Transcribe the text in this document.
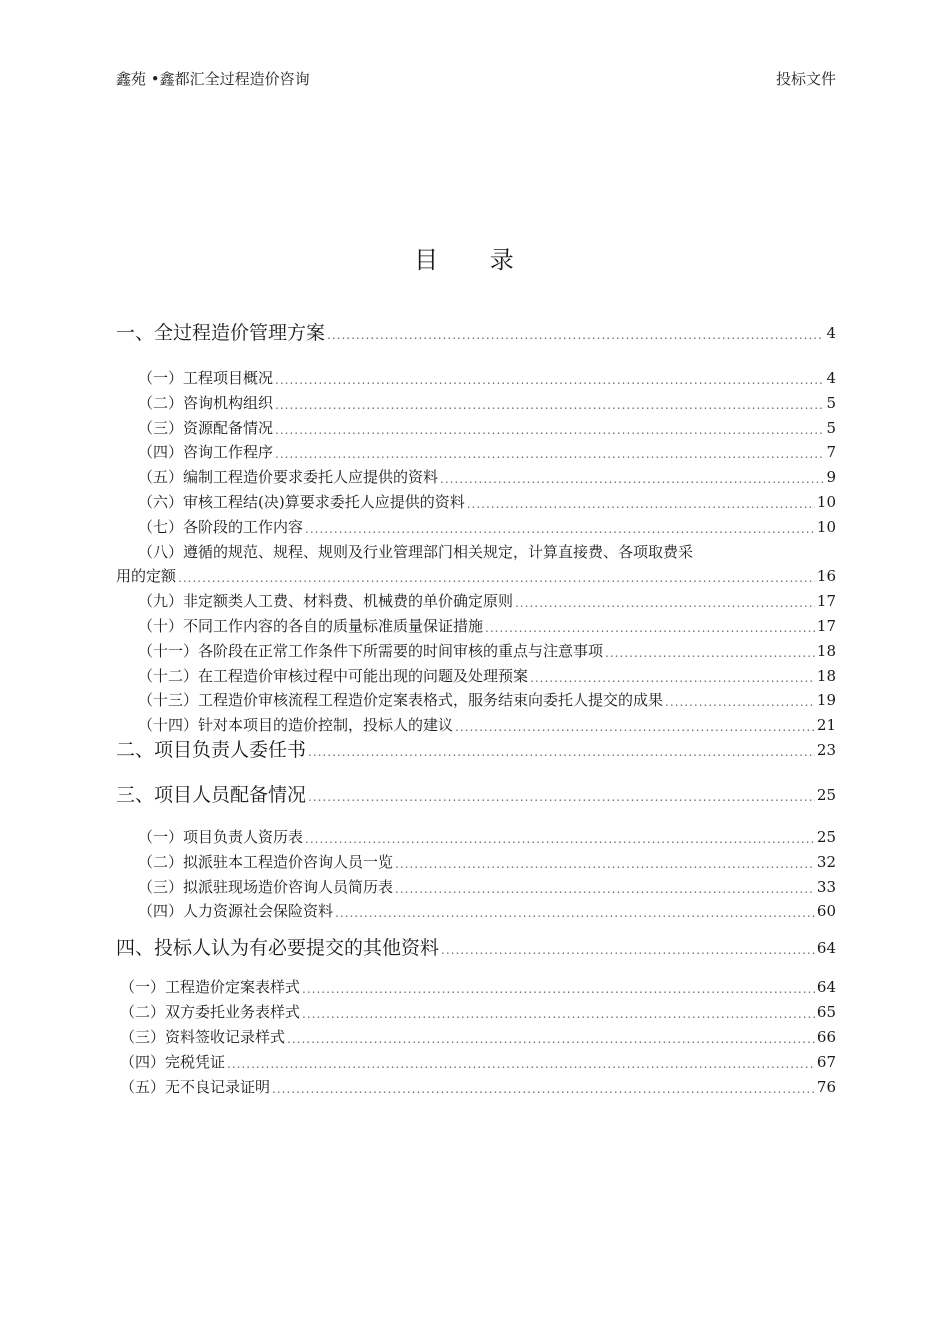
鑫苑 •鑫都汇全过程造价咨询	投标文件
目 录
一、全过程造价管理方案 .....	4
（一）工程项目概况 .....	4
（二）咨询机构组织 .....	5
（三）资源配备情况 .....	5
（四）咨询工作程序 .....	7
（五）编制工程造价要求委托人应提供的资料 .....	9
（六）审核工程结(决)算要求委托人应提供的资料 .....	10
（七）各阶段的工作内容 .....	10
（八）遵循的规范、规程、规则及行业管理部门相关规定，计算直接费、各项取费采
用的定额 .....	16
（九）非定额类人工费、材料费、机械费的单价确定原则 .....	17
（十）不同工作内容的各自的质量标准质量保证措施 .....	17
（十一）各阶段在正常工作条件下所需要的时间审核的重点与注意事项 .....	18
（十二）在工程造价审核过程中可能出现的问题及处理预案 .....	18
（十三）工程造价审核流程工程造价定案表格式，服务结束向委托人提交的成果 .....	19
（十四）针对本项目的造价控制，投标人的建议 .....	21
二、项目负责人委任书 .....	23
三、项目人员配备情况 .....	25
（一）项目负责人资历表 .....	25
（二）拟派驻本工程造价咨询人员一览 .....	32
（三）拟派驻现场造价咨询人员简历表 .....	33
（四）人力资源社会保险资料 .....	60
四、投标人认为有必要提交的其他资料 .....	64
（一）工程造价定案表样式 .....	64
（二）双方委托业务表样式 .....	65
（三）资料签收记录样式 .....	66
（四）完税凭证 .....	67
（五）无不良记录证明 .....	76
